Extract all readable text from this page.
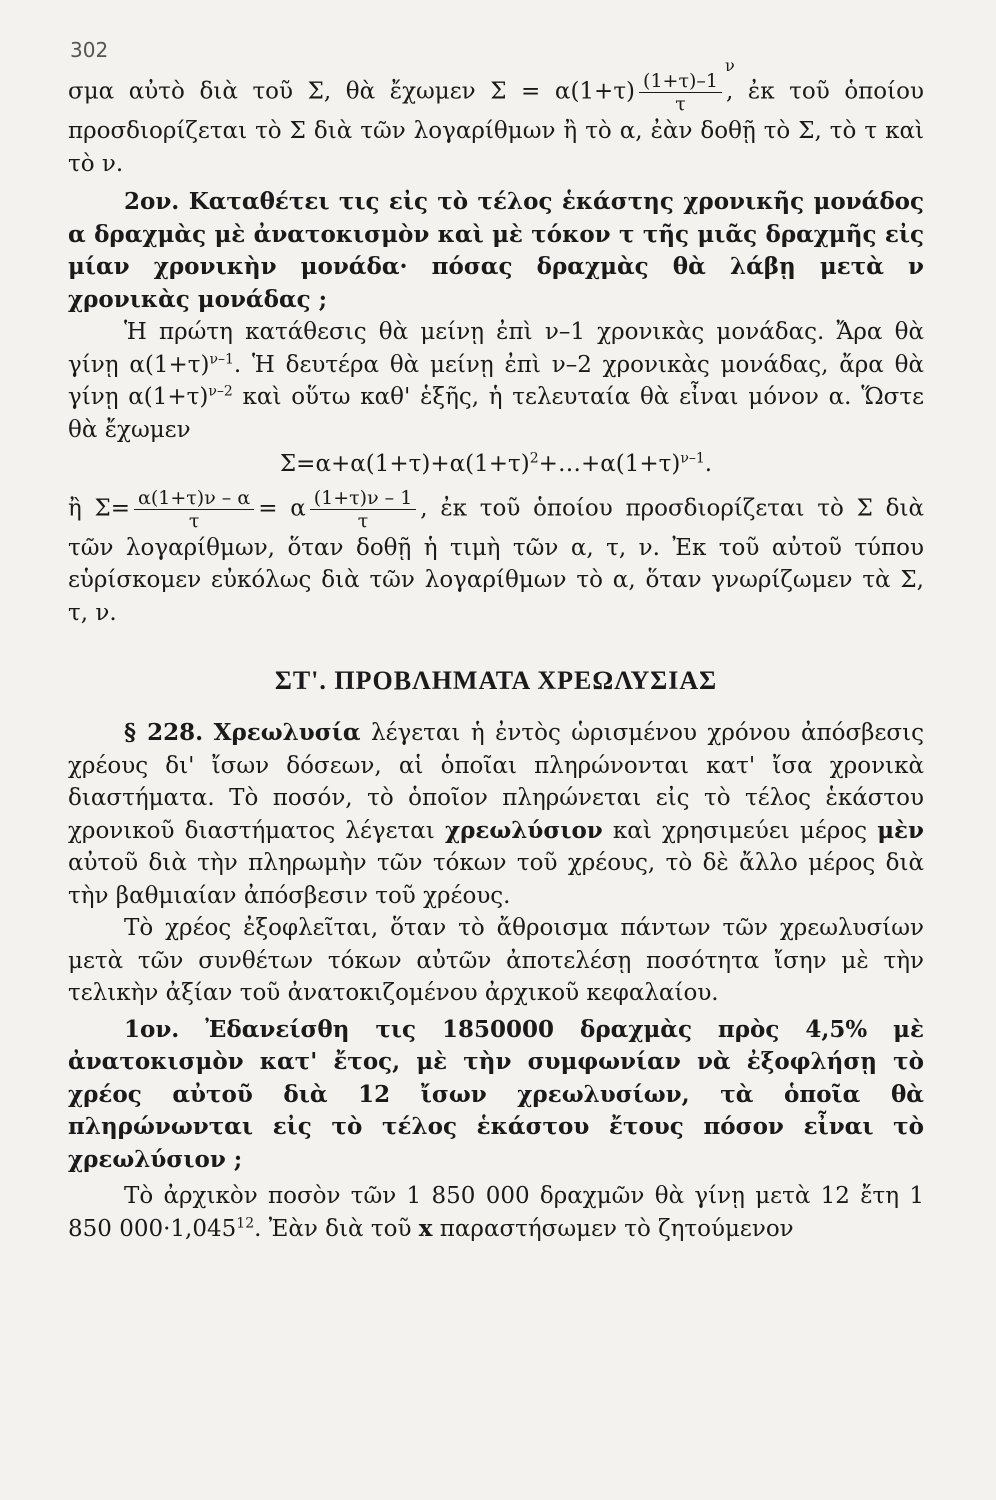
302

ν
σμα αὐτὸ διὰ τοῦ Σ, θὰ ἔχωμεν $\Sigma = \alpha(1+\tau) \frac{(1+\tau)-1}{\tau}$ , ἐκ τοῦ ὁποίου προσδιορίζεται τὸ Σ διὰ τῶν λογαρίθμων ἢ τὸ α, ἐὰν δοθῇ τὸ Σ, τὸ τ καὶ τὸ ν.

2ον. Καταθέτει τις εἰς τὸ τέλος ἑκάστης χρονικῆς μονάδος α δραχμὰς μὲ ἀνατοκισμὸν καὶ μὲ τόκον τ τῆς μιᾶς δραχμῆς εἰς μίαν χρονικὴν μονάδα· πόσας δραχμὰς θὰ λάβῃ μετὰ ν χρονικὰς μονάδας ;

Ἡ πρώτη κατάθεσις θὰ μείνῃ ἐπὶ ν–1 χρονικὰς μονάδας. Ἄρα θὰ γίνῃ $\alpha(1+\tau)^{\nu-1}$. Ἡ δευτέρα θὰ μείνῃ ἐπὶ ν–2 χρονικὰς μονάδας, ἄρα θὰ γίνῃ $\alpha(1+\tau)^{\nu-2}$ καὶ οὕτω καθ' ἑξῆς, ἡ τελευταία θὰ εἶναι μόνον α. Ὥστε θὰ ἔχωμεν

$\Sigma=\alpha+\alpha(1+\tau)+\alpha(1+\tau)^2+\dots+\alpha(1+\tau)^{\nu-1}$.

ἢ $\Sigma= \frac{\alpha(1+\tau)\nu - \alpha}{\tau} = \alpha \frac{(1+\tau)\nu - 1}{\tau}$ , ἐκ τοῦ ὁποίου προσδιορίζεται τὸ Σ διὰ τῶν λογαρίθμων, ὅταν δοθῇ ἡ τιμὴ τῶν α, τ, ν. Ἐκ τοῦ αὐτοῦ τύπου εὑρίσκομεν εὐκόλως διὰ τῶν λογαρίθμων τὸ α, ὅταν γνωρίζωμεν τὰ Σ, τ, ν.

ΣΤ'. ΠΡΟΒΛΗΜΑΤΑ ΧΡΕΩΛΥΣΙΑΣ

§ 228. Χρεωλυσία λέγεται ἡ ἐντὸς ὡρισμένου χρόνου ἀπόσβεσις χρέους δι' ἴσων δόσεων, αἱ ὁποῖαι πληρώνονται κατ' ἴσα χρονικὰ διαστήματα. Τὸ ποσόν, τὸ ὁποῖον πληρώνεται εἰς τὸ τέλος ἑκάστου χρονικοῦ διαστήματος λέγεται χρεωλύσιον καὶ χρησιμεύει μέρος μὲν αὐτοῦ διὰ τὴν πληρωμὴν τῶν τόκων τοῦ χρέους, τὸ δὲ ἄλλο μέρος διὰ τὴν βαθμιαίαν ἀπόσβεσιν τοῦ χρέους.

Τὸ χρέος ἐξοφλεῖται, ὅταν τὸ ἄθροισμα πάντων τῶν χρεωλυσίων μετὰ τῶν συνθέτων τόκων αὐτῶν ἀποτελέσῃ ποσότητα ἴσην μὲ τὴν τελικὴν ἀξίαν τοῦ ἀνατοκιζομένου ἀρχικοῦ κεφαλαίου.

1ον. Ἐδανείσθη τις 1850000 δραχμὰς πρὸς 4,5% μὲ ἀνατοκισμὸν κατ' ἔτος, μὲ τὴν συμφωνίαν νὰ ἐξοφλήσῃ τὸ χρέος αὐτοῦ διὰ 12 ἴσων χρεωλυσίων, τὰ ὁποῖα θὰ πληρώνωνται εἰς τὸ τέλος ἑκάστου ἔτους πόσον εἶναι τὸ χρεωλύσιον ;

Τὸ ἀρχικὸν ποσὸν τῶν 1 850 000 δραχμῶν θὰ γίνῃ μετὰ 12 ἔτη 1 850 $000\cdot 1,045^{12}$. Ἐὰν διὰ τοῦ x παραστήσωμεν τὸ ζητούμενον
